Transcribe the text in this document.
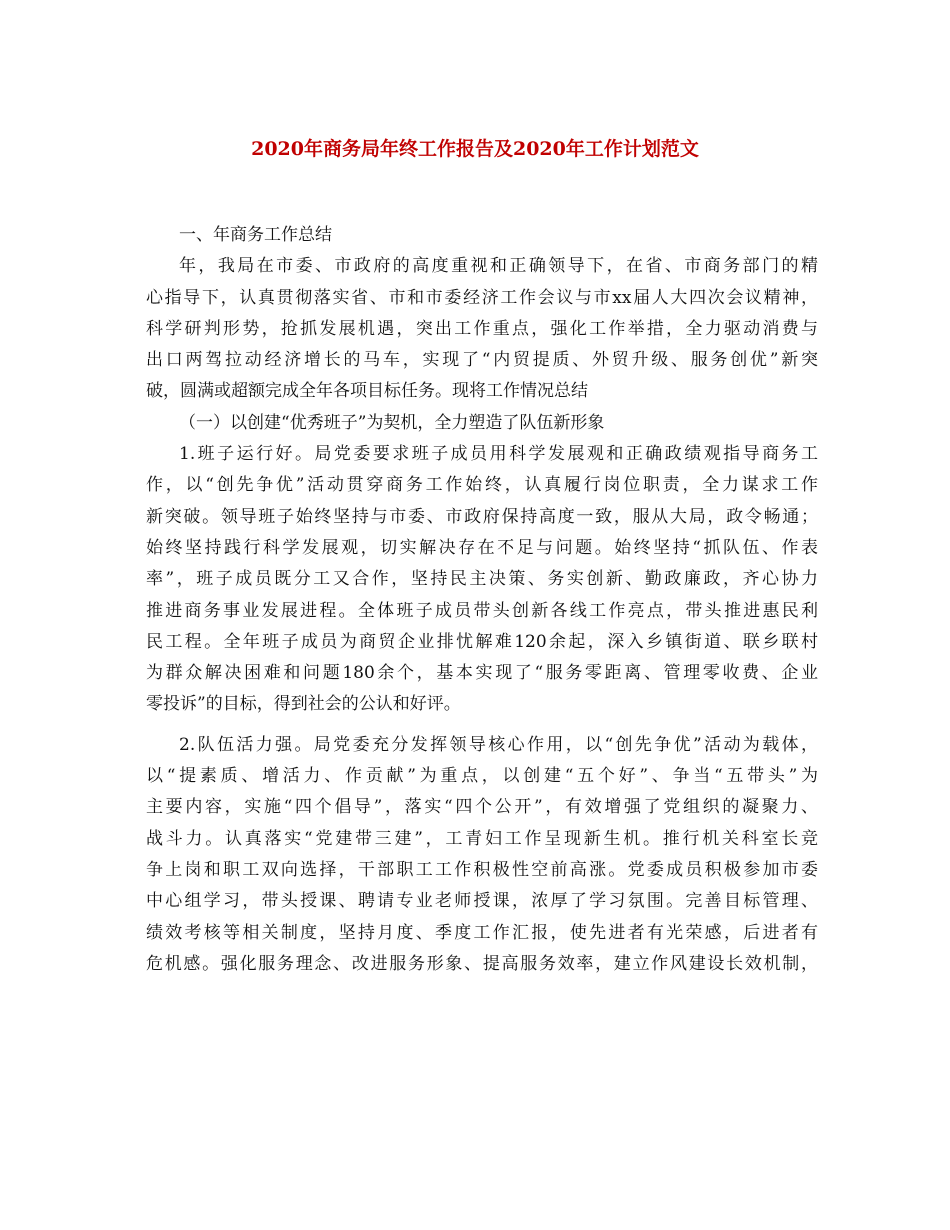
2020年商务局年终工作报告及2020年工作计划范文

一、年商务工作总结

年，我局在市委、市政府的高度重视和正确领导下，在省、市商务部门的精
心指导下，认真贯彻落实省、市和市委经济工作会议与市xx届人大四次会议精神，
科学研判形势，抢抓发展机遇，突出工作重点，强化工作举措，全力驱动消费与
出口两驾拉动经济增长的马车，实现了“内贸提质、外贸升级、服务创优”新突
破，圆满或超额完成全年各项目标任务。现将工作情况总结

（一）以创建“优秀班子”为契机，全力塑造了队伍新形象

1.班子运行好。局党委要求班子成员用科学发展观和正确政绩观指导商务工
作，以“创先争优”活动贯穿商务工作始终，认真履行岗位职责，全力谋求工作
新突破。领导班子始终坚持与市委、市政府保持高度一致，服从大局，政令畅通；
始终坚持践行科学发展观，切实解决存在不足与问题。始终坚持“抓队伍、作表
率”，班子成员既分工又合作，坚持民主决策、务实创新、勤政廉政，齐心协力
推进商务事业发展进程。全体班子成员带头创新各线工作亮点，带头推进惠民利
民工程。全年班子成员为商贸企业排忧解难120余起，深入乡镇街道、联乡联村
为群众解决困难和问题180余个，基本实现了“服务零距离、管理零收费、企业
零投诉”的目标，得到社会的公认和好评。

2.队伍活力强。局党委充分发挥领导核心作用，以“创先争优”活动为载体，
以“提素质、增活力、作贡献”为重点，以创建“五个好”、争当“五带头”为
主要内容，实施“四个倡导”，落实“四个公开”，有效增强了党组织的凝聚力、
战斗力。认真落实“党建带三建”，工青妇工作呈现新生机。推行机关科室长竞
争上岗和职工双向选择，干部职工工作积极性空前高涨。党委成员积极参加市委
中心组学习，带头授课、聘请专业老师授课，浓厚了学习氛围。完善目标管理、
绩效考核等相关制度，坚持月度、季度工作汇报，使先进者有光荣感，后进者有
危机感。强化服务理念、改进服务形象、提高服务效率，建立作风建设长效机制，
